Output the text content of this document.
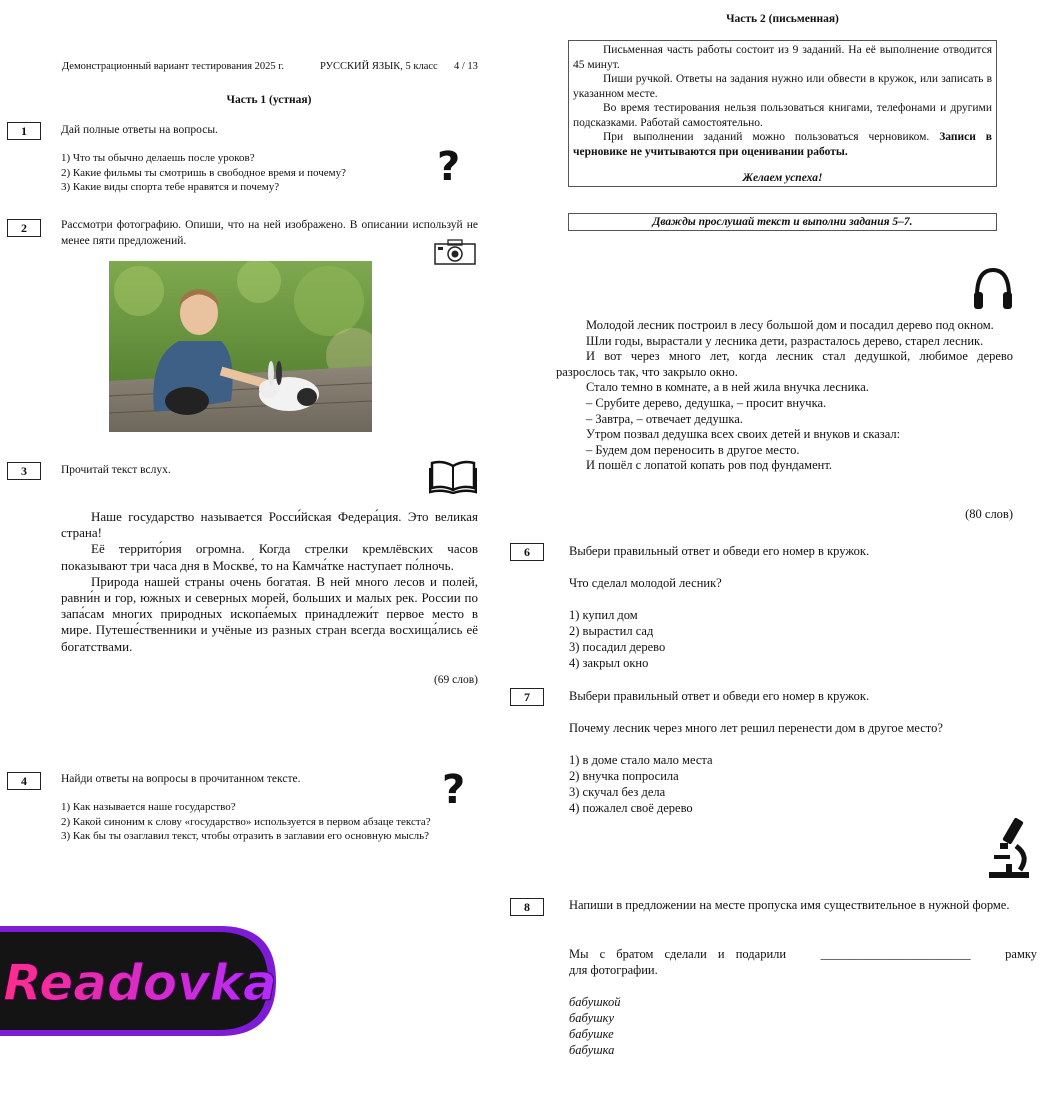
Демонстрационный вариант тестирования 2025 г.	РУССКИЙ ЯЗЫК, 5 класс 4 / 13
Часть 1 (устная)
1	Дай полные ответы на вопросы.
1) Что ты обычно делаешь после уроков?
2) Какие фильмы ты смотришь в свободное время и почему?
3) Какие виды спорта тебе нравятся и почему?	?
2	Рассмотри фотографию. Опиши, что на ней изображено. В описании используй не менее пяти предложений.
3	Прочитай текст вслух.

Наше государство называется Росси́йская Федера́ция. Это великая страна!

Её террито́рия огромна. Когда стрелки кремлёвских часов показывают три часа дня в Москве́, то на Камча́тке наступает по́лночь.

Природа нашей страны очень богатая. В ней много лесов и полей, равни́н и гор, южных и северных морей, больших и малых рек. России по запа́сам многих природных ископа́емых принадлежи́т первое место в мире. Путеше́ственники и учёные из разных стран всегда восхища́лись её богатствами.

(69 слов)
4	Найди ответы на вопросы в прочитанном тексте.	?
1) Как называется наше государство?
2) Какой синоним к слову «государство» используется в первом абзаце текста?
3) Как бы ты озаглавил текст, чтобы отразить в заглавии его основную мысль?
Readovka
Часть 2 (письменная)

Письменная часть работы состоит из 9 заданий. На её выполнение отводится 45 минут.

Пиши ручкой. Ответы на задания нужно или обвести в кружок, или записать в указанном месте.

Во время тестирования нельзя пользоваться книгами, телефонами и другими подсказками. Работай самостоятельно.

При выполнении заданий можно пользоваться черновиком. Записи в черновике не учитываются при оценивании работы.

Желаем успеха!
Дважды прослушай текст и выполни задания 5–7.

Молодой лесник построил в лесу большой дом и посадил дерево под окном.

Шли годы, вырастали у лесника дети, разрасталось дерево, старел лесник.

И вот через много лет, когда лесник стал дедушкой, любимое дерево разрослось так, что закрыло окно.

Стало темно в комнате, а в ней жила внучка лесника.

– Срубите дерево, дедушка, – просит внучка.

– Завтра, – отвечает дедушка.

Утром позвал дедушка всех своих детей и внуков и сказал:

– Будем дом переносить в другое место.

И пошёл с лопатой копать ров под фундамент.

(80 слов)
6	Выбери правильный ответ и обведи его номер в кружок.
Что сделал молодой лесник?
1) купил дом
2) вырастил сад
3) посадил дерево
4) закрыл окно
7	Выбери правильный ответ и обведи его номер в кружок.
Почему лесник через много лет решил перенести дом в другое место?
1) в доме стало мало места
2) внучка попросила
3) скучал без дела
4) пожалел своё дерево
8	Напиши в предложении на месте пропуска имя существительное в нужной форме.
Мы с братом сделали и подарили	________________________	рамку
для фотографии.
бабушкой
бабушку
бабушке
бабушка
